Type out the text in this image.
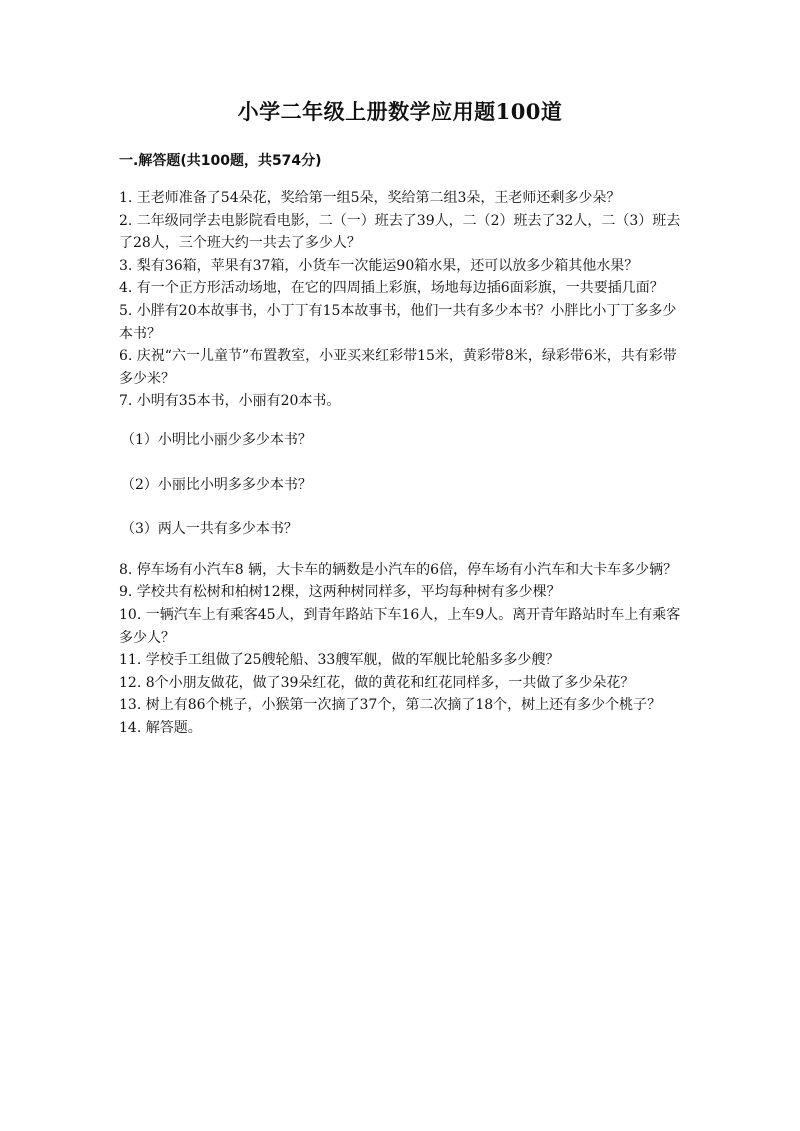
小学二年级上册数学应用题100道
一.解答题(共100题，共574分)

1. 王老师准备了54朵花，奖给第一组5朵，奖给第二组3朵，王老师还剩多少朵？

2. 二年级同学去电影院看电影，二（一）班去了39人，二（2）班去了32人，二（3）班去了28人，三个班大约一共去了多少人？

3. 梨有36箱，苹果有37箱，小货车一次能运90箱水果，还可以放多少箱其他水果？

4. 有一个正方形活动场地，在它的四周插上彩旗，场地每边插6面彩旗，一共要插几面？

5. 小胖有20本故事书，小丁丁有15本故事书，他们一共有多少本书？小胖比小丁丁多多少本书？

6. 庆祝“六一儿童节”布置教室，小亚买来红彩带15米，黄彩带8米，绿彩带6米，共有彩带多少米？

7. 小明有35本书，小丽有20本书。

（1）小明比小丽少多少本书？

（2）小丽比小明多多少本书？

（3）两人一共有多少本书？

8. 停车场有小汽车8 辆，大卡车的辆数是小汽车的6倍，停车场有小汽车和大卡车多少辆？

9. 学校共有松树和柏树12棵，这两种树同样多，平均每种树有多少棵？

10. 一辆汽车上有乘客45人，到青年路站下车16人，上车9人。离开青年路站时车上有乘客多少人？

11. 学校手工组做了25艘轮船、33艘军舰，做的军舰比轮船多多少艘？

12. 8个小朋友做花，做了39朵红花，做的黄花和红花同样多，一共做了多少朵花？

13. 树上有86个桃子，小猴第一次摘了37个，第二次摘了18个，树上还有多少个桃子？

14. 解答题。
